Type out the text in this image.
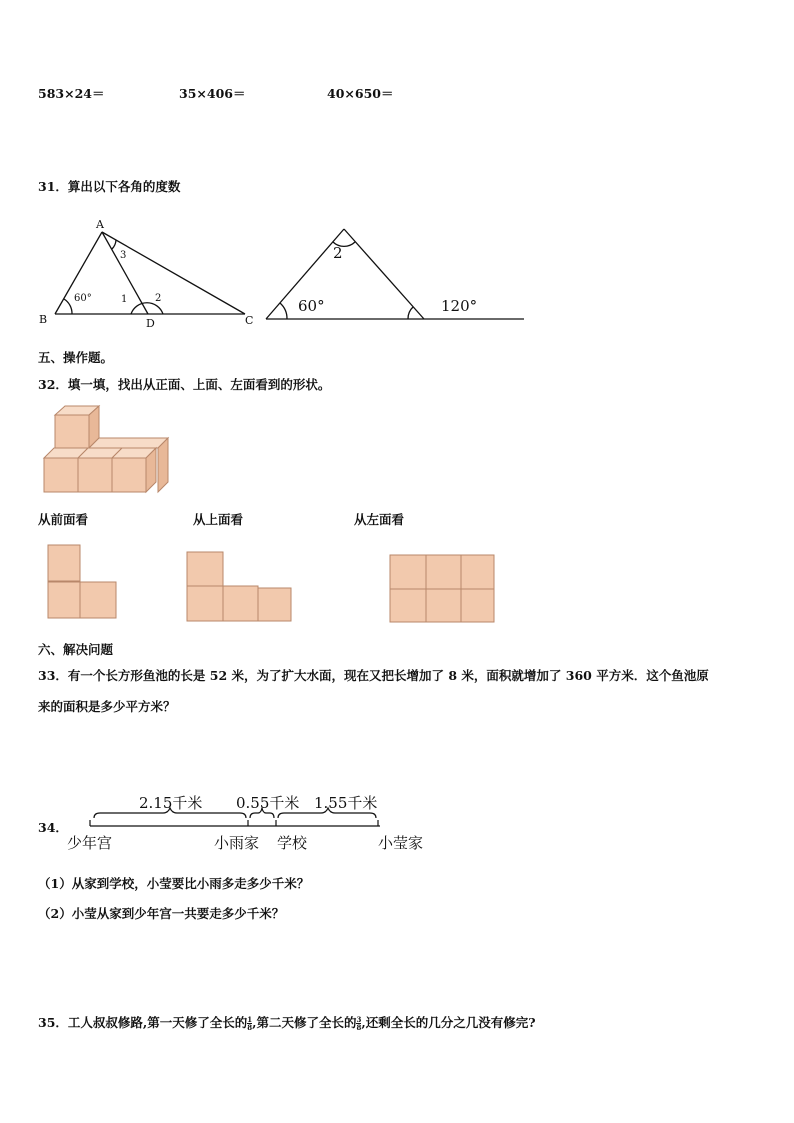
583×24＝	35×406＝	40×650＝
31．算出以下各角的度数
A
B	C
D
60°	1	2
3	2
60°	120°
五、操作题。
32．填一填，找出从正面、上面、左面看到的形状。
从前面看	从上面看	从左面看
六、解决问题
33．有一个长方形鱼池的长是 52 米，为了扩大水面，现在又把长增加了 8 米，面积就增加了 360 平方米．这个鱼池原
来的面积是多少平方米？
34．
2.15千米 0.55千米 1.55千米
少年宫	小雨家 学校	小莹家
（1）从家到学校，小莹要比小雨多走多少千米？
（2）小莹从家到少年宫一共要走多少千米？
35．工人叔叔修路,第一天修了全长的 $\frac{1}{8}$ ,第二天修了全长的 $\frac{3}{8}$ ,还剩全长的几分之几没有修完?
